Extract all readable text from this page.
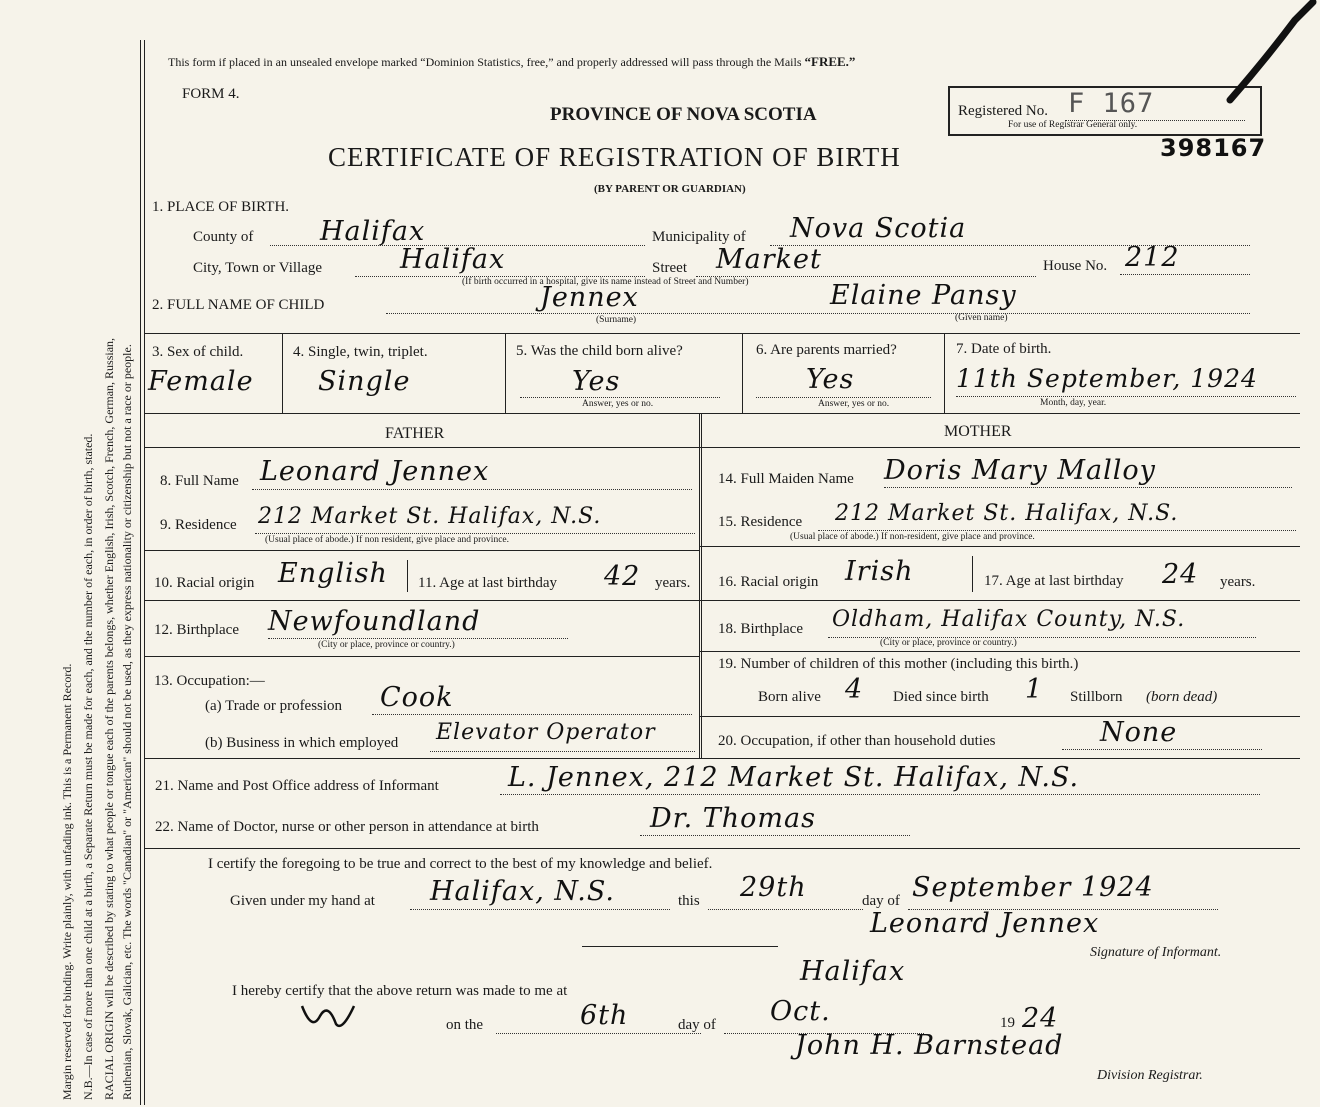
Margin reserved for binding. Write plainly, with unfading ink. This is a Permanent Record. N.B.—In case of more than one child at a birth, a Separate Return must be made for each, and the number of each, in order of birth, stated. RACIAL ORIGIN will be described by stating to what people or tongue each of the parents belongs, whether English, Irish, Scotch, French, German, Russian, Ruthenian, Slovak, Galician, etc. The words "Canadian" or "American" should not be used, as they express nationality or citizenship but not a race or people.
This form if placed in an unsealed envelope marked “Dominion Statistics, free,” and properly addressed will pass through the Mails “FREE.”
FORM 4.
PROVINCE OF NOVA SCOTIA
CERTIFICATE OF REGISTRATION OF BIRTH
(BY PARENT OR GUARDIAN)
Registered No. F 167
For use of Registrar General only.
398167
1. PLACE OF BIRTH.
County of Halifax	Municipality of Nova Scotia
City, Town or Village	Halifax	Street Market	House No. 212
(If birth occurred in a hospital, give its name instead of Street and Number)
2. FULL NAME OF CHILD	Jennex	Elaine Pansy
(Surname)	(Given name)
3. Sex of child.
Female
4. Single, twin, triplet.
Single
5. Was the child born alive?
Yes
Answer, yes or no.
6. Are parents married?
Yes
Answer, yes or no.
7. Date of birth.
11th September, 1924
Month, day, year.
FATHER	MOTHER
8. Full Name Leonard Jennex
9. Residence 212 Market St. Halifax, N.S.
(Usual place of abode.) If non resident, give place and province.
10. Racial origin English 11. Age at last birthday 42 years.
12. Birthplace Newfoundland
(City or place, province or country.)
13. Occupation:—
(a) Trade or profession Cook
(b) Business in which employed Elevator Operator
14. Full Maiden Name Doris Mary Malloy
15. Residence 212 Market St. Halifax, N.S.
(Usual place of abode.) If non-resident, give place and province.
16. Racial origin Irish	17. Age at last birthday 24 years.
18. Birthplace Oldham, Halifax County, N.S.
(City or place, province or country.)
19. Number of children of this mother (including this birth.)
Born alive 4 Died since birth 1 Stillborn (born dead)
20. Occupation, if other than household duties	None
21. Name and Post Office address of Informant	L. Jennex, 212 Market St. Halifax, N.S.
22. Name of Doctor, nurse or other person in attendance at birth	Dr. Thomas
I certify the foregoing to be true and correct to the best of my knowledge and belief.
Given under my hand at Halifax, N.S.	this 29th	day of September 1924
Leonard Jennex
Signature of Informant.
I hereby certify that the above return was made to me at
Halifax
on the	6th	day of Oct.	19 24
John H. Barnstead
Division Registrar.
